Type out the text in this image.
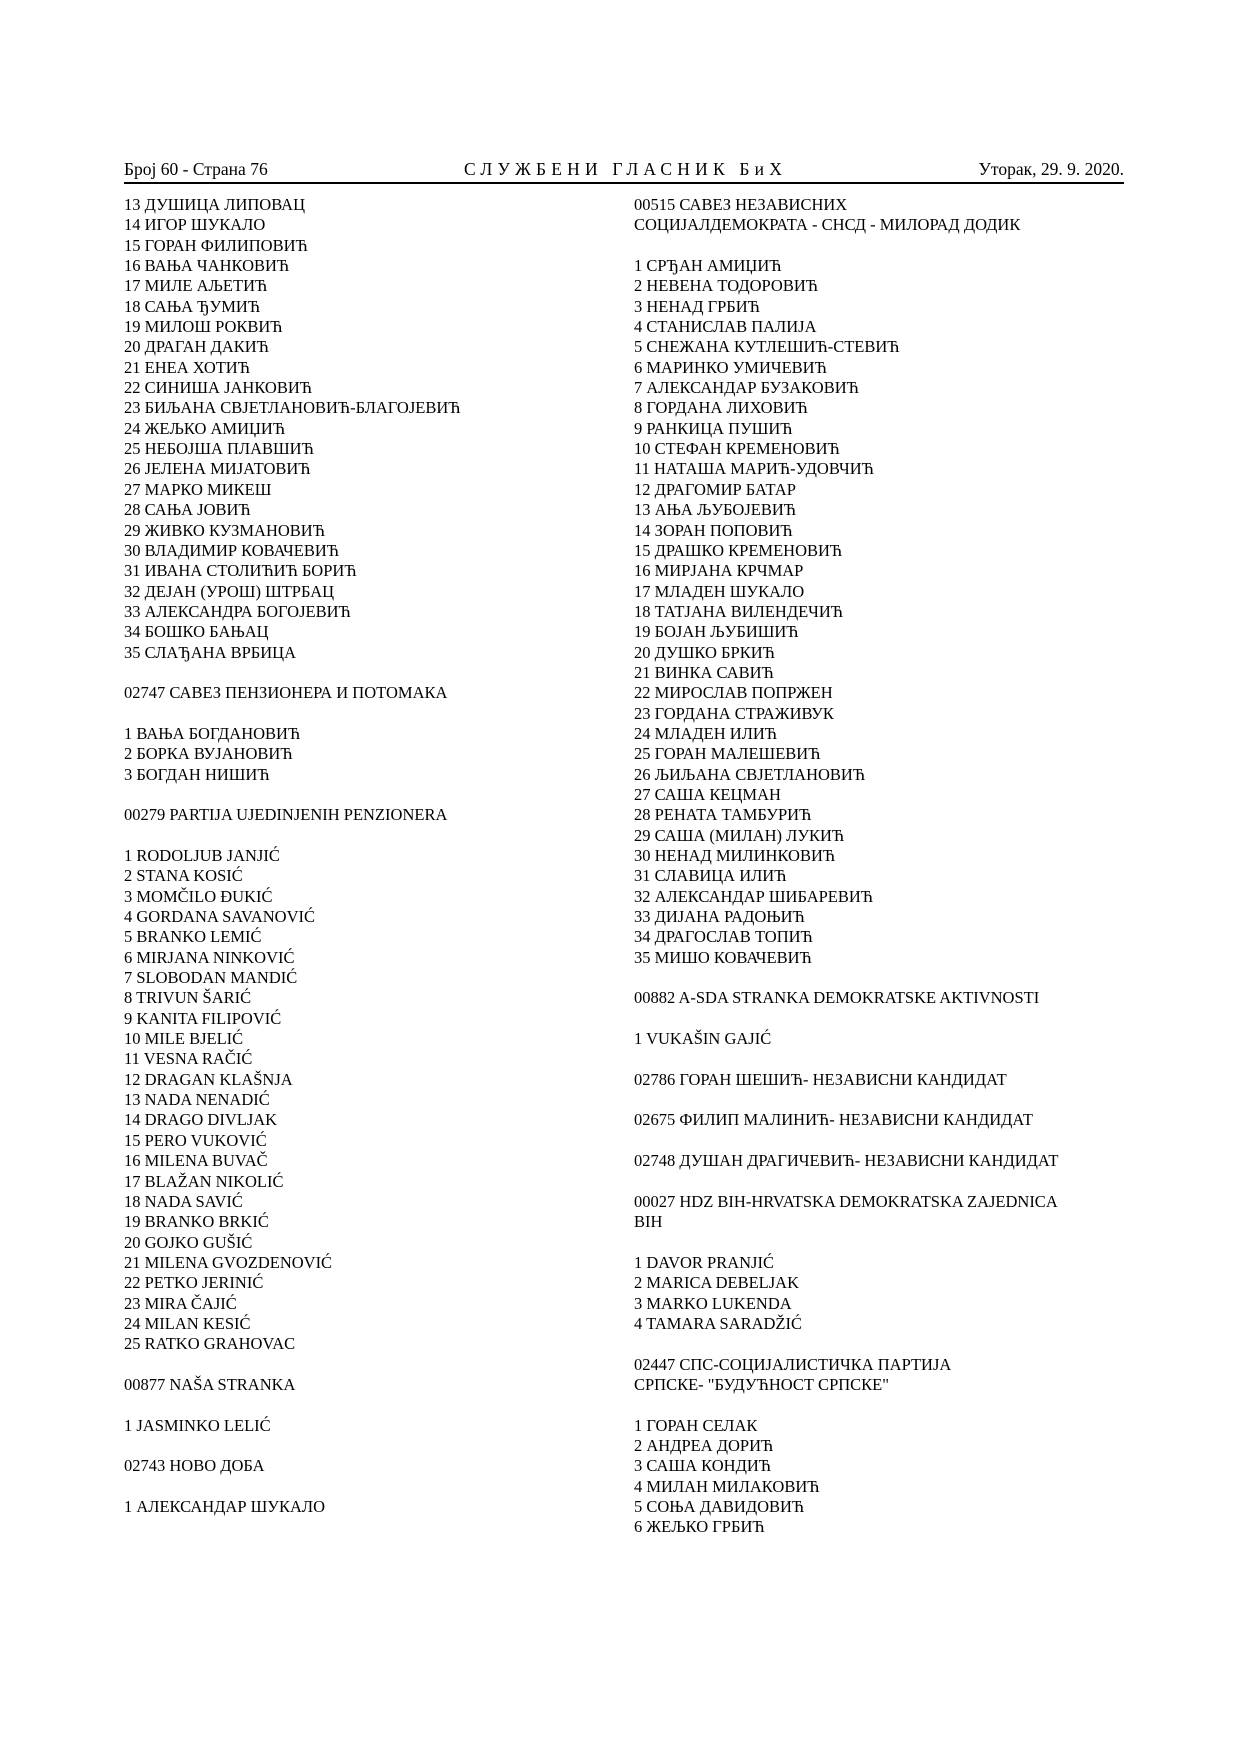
Број 60 - Страна 76	СЛУЖБЕНИ ГЛАСНИК БиХ	Уторак, 29. 9. 2020.
13 ДУШИЦА ЛИПОВАЦ
14 ИГОР ШУКАЛО
15 ГОРАН ФИЛИПОВИЋ
16 ВАЊА ЧАНКОВИЋ
17 МИЛЕ АЉЕТИЋ
18 САЊА ЂУМИЋ
19 МИЛОШ РОКВИЋ
20 ДРАГАН ДАКИЋ
21 ЕНЕА ХОТИЋ
22 СИНИША ЈАНКОВИЋ
23 БИЉАНА СВЈЕТЛАНОВИЋ-БЛАГОЈЕВИЋ
24 ЖЕЉКО АМИЏИЋ
25 НЕБОЈША ПЛАВШИЋ
26 ЈЕЛЕНА МИЈАТОВИЋ
27 МАРКО МИКЕШ
28 САЊА ЈОВИЋ
29 ЖИВКО КУЗМАНОВИЋ
30 ВЛАДИМИР КОВАЧЕВИЋ
31 ИВАНА СТОЛИЋИЋ БОРИЋ
32 ДЕЈАН (УРОШ) ШТРБАЦ
33 АЛЕКСАНДРА БОГОЈЕВИЋ
34 БОШКО БАЊАЦ
35 СЛАЂАНА ВРБИЦА
02747 САВЕЗ ПЕНЗИОНЕРА И ПОТОМАКА
1 ВАЊА БОГДАНОВИЋ
2 БОРКА ВУЈАНОВИЋ
3 БОГДАН НИШИЋ
00279 PARTIJA UJEDINJENIH PENZIONERA
1 RODOLJUB JANJIĆ
2 STANA KOSIĆ
3 MOMČILO ĐUKIĆ
4 GORDANA SAVANOVIĆ
5 BRANKO LEMIĆ
6 MIRJANA NINKOVIĆ
7 SLOBODAN MANDIĆ
8 TRIVUN ŠARIĆ
9 KANITA FILIPOVIĆ
10 MILE BJELIĆ
11 VESNA RAČIĆ
12 DRAGAN KLAŠNJA
13 NADA NENADIĆ
14 DRAGO DIVLJAK
15 PERO VUKOVIĆ
16 MILENA BUVAČ
17 BLAŽAN NIKOLIĆ
18 NADA SAVIĆ
19 BRANKO BRKIĆ
20 GOJKO GUŠIĆ
21 MILENA GVOZDENOVIĆ
22 PETKO JERINIĆ
23 MIRA ČAJIĆ
24 MILAN KESIĆ
25 RATKO GRAHOVAC
00877 NAŠA STRANKA
1 JASMINKO LELIĆ
02743 НОВО ДОБА
1 АЛЕКСАНДАР ШУКАЛО
00515 САВЕЗ НЕЗАВИСНИХ
СОЦИЈАЛДЕМОКРАТА - СНСД - МИЛОРАД ДОДИК
1 СРЂАН АМИЏИЋ
2 НЕВЕНА ТОДОРОВИЋ
3 НЕНАД ГРБИЋ
4 СТАНИСЛАВ ПАЛИЈА
5 СНЕЖАНА КУТЛЕШИЋ-СТЕВИЋ
6 МАРИНКО УМИЧЕВИЋ
7 АЛЕКСАНДАР БУЗАКОВИЋ
8 ГОРДАНА ЛИХОВИЋ
9 РАНКИЦА ПУШИЋ
10 СТЕФАН КРЕМЕНОВИЋ
11 НАТАША МАРИЋ-УДОВЧИЋ
12 ДРАГОМИР БАТАР
13 АЊА ЉУБОЈЕВИЋ
14 ЗОРАН ПОПОВИЋ
15 ДРАШКО КРЕМЕНОВИЋ
16 МИРЈАНА КРЧМАР
17 МЛАДЕН ШУКАЛО
18 ТАТЈАНА ВИЛЕНДЕЧИЋ
19 БОЈАН ЉУБИШИЋ
20 ДУШКО БРКИЋ
21 ВИНКА САВИЋ
22 МИРОСЛАВ ПОПРЖЕН
23 ГОРДАНА СТРАЖИВУК
24 МЛАДЕН ИЛИЋ
25 ГОРАН МАЛЕШЕВИЋ
26 ЉИЉАНА СВЈЕТЛАНОВИЋ
27 САША КЕЦМАН
28 РЕНАТА ТАМБУРИЋ
29 САША (МИЛАН) ЛУКИЋ
30 НЕНАД МИЛИНКОВИЋ
31 СЛАВИЦА ИЛИЋ
32 АЛЕКСАНДАР ШИБАРЕВИЋ
33 ДИЈАНА РАДОЊИЋ
34 ДРАГОСЛАВ ТОПИЋ
35 МИШО КОВАЧЕВИЋ
00882 A-SDA STRANKA DEMOKRATSKE AKTIVNOSTI
1 VUKAŠIN GAJIĆ
02786 ГОРАН ШЕШИЋ- НЕЗАВИСНИ КАНДИДАТ
02675 ФИЛИП МАЛИНИЋ- НЕЗАВИСНИ КАНДИДАТ
02748 ДУШАН ДРАГИЧЕВИЋ- НЕЗАВИСНИ КАНДИДАТ
00027 HDZ BIH-HRVATSKA DEMOKRATSKA ZAJEDNICA
BIH
1 DAVOR PRANJIĆ
2 MARICA DEBELJAK
3 MARKO LUKENDA
4 TAMARA SARADŽIĆ
02447 СПС-СОЦИЈАЛИСТИЧКА ПАРТИЈА
СРПСКЕ- "БУДУЋНОСТ СРПСКЕ"
1 ГОРАН СЕЛАК
2 АНДРЕА ДОРИЋ
3 САША КОНДИЋ
4 МИЛАН МИЛАКОВИЋ
5 СОЊА ДАВИДОВИЋ
6 ЖЕЉКО ГРБИЋ
